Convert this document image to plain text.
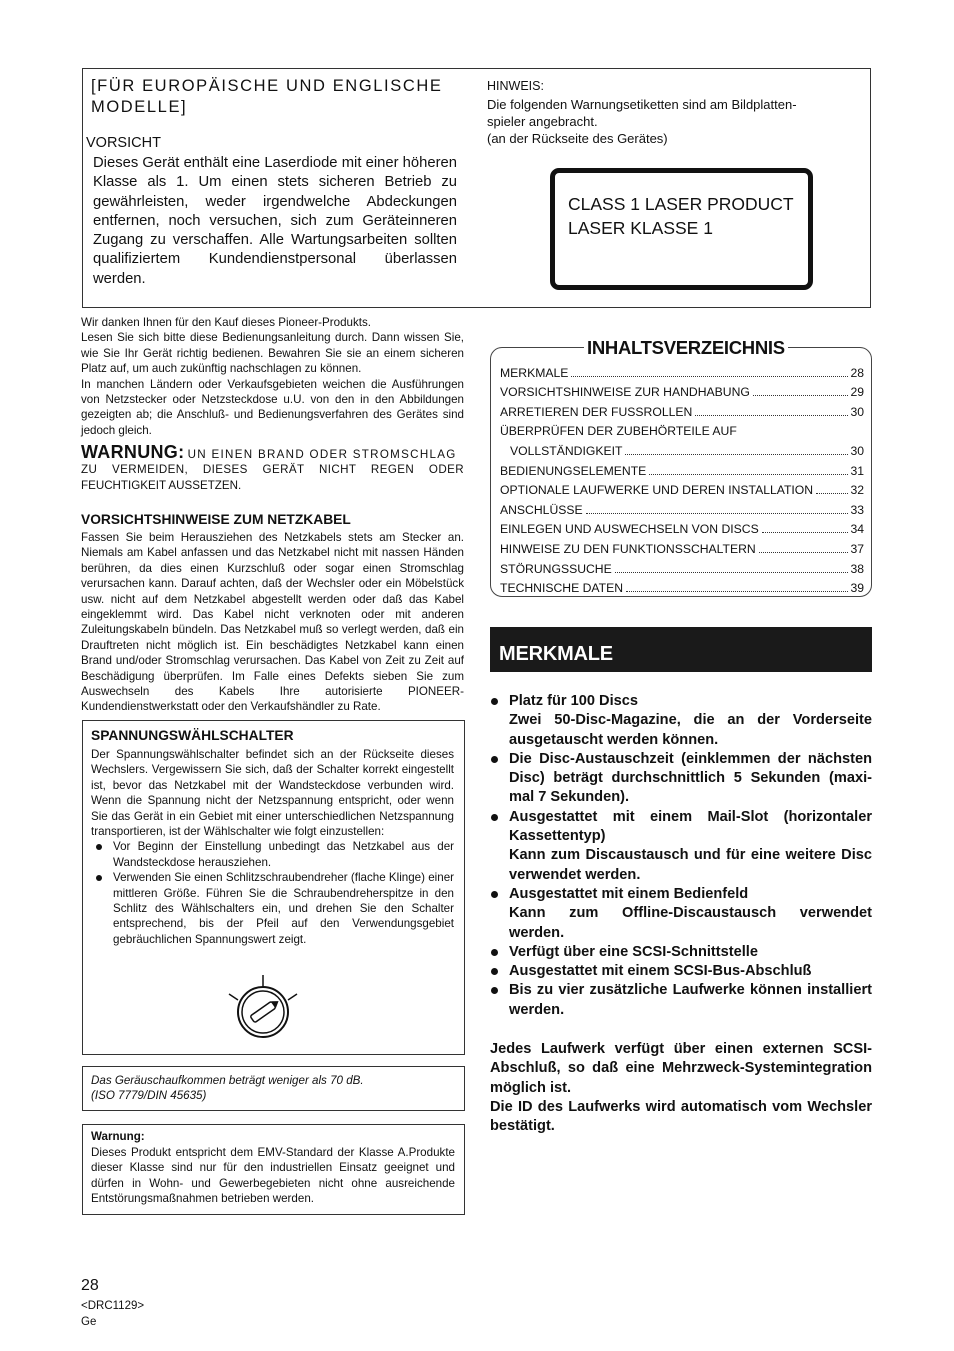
[FÜR EUROPÄISCHE UND ENGLISCHE MODELLE]
VORSICHT
Dieses Gerät enthält eine Laserdiode mit einer höheren Klasse als 1. Um einen stets sicheren Betrieb zu gewährleisten, weder irgendwelche Abdeckungen entfernen, noch versuchen, sich zum Geräteinneren Zugang zu verschaffen. Alle Wartungsarbeiten sollten qualifiziertem Kundendienstpersonal überlassen werden.
HINWEIS:
Die folgenden Warnungsetiketten sind am Bildplatten-
spieler angebracht.
(an der Rückseite des Gerätes)
CLASS 1 LASER PRODUCT
LASER KLASSE 1
Wir danken Ihnen für den Kauf dieses Pioneer-Produkts.
Lesen Sie sich bitte diese Bedienungsanleitung durch. Dann wissen Sie, wie Sie Ihr Gerät richtig bedienen. Bewahren Sie sie an einem sicheren Platz auf, um auch zukünftig nachschlagen zu können.
In manchen Ländern oder Verkaufsgebieten weichen die Ausführungen von Netzstecker oder Netzsteckdose u.U. von den in den Abbildungen gezeigten ab; die Anschluß- und Bedienungsverfahren des Gerätes sind jedoch gleich.
WARNUNG: UN EINEN BRAND ODER STROMSCHLAG
ZU VERMEIDEN, DIESES GERÄT NICHT REGEN ODER
FEUCHTIGKEIT AUSSETZEN.
VORSICHTSHINWEISE ZUM NETZKABEL
Fassen Sie beim Herausziehen des Netzkabels stets am Stecker an. Niemals am Kabel anfassen und das Netzkabel nicht mit nassen Händen berühren, da dies einen Kurzschluß oder sogar einen Stromschlag verursachen kann. Darauf achten, daß der Wechsler oder ein Möbelstück usw. nicht auf dem Netzkabel abgestellt werden oder daß das Kabel eingeklemmt wird. Das Kabel nicht verknoten oder mit anderen Zuleitungskabeln bündeln. Das Netzkabel muß so verlegt werden, daß ein Drauftreten nicht möglich ist. Ein beschädigtes Netzkabel kann einen Brand und/oder Stromschlag verursachen. Das Kabel von Zeit zu Zeit auf Beschädigung überprüfen. Im Falle eines Defekts sieben Sie zum Auswechseln des Kabels Ihre autorisierte PIONEER-Kundendienstwerkstatt oder den Verkaufshändler zu Rate.
SPANNUNGSWÄHLSCHALTER
Der Spannungswählschalter befindet sich an der Rückseite dieses Wechslers. Vergewissern Sie sich, daß der Schalter korrekt eingestellt ist, bevor das Netzkabel mit der Wandsteckdose verbunden wird. Wenn die Spannung nicht der Netzspannung entspricht, oder wenn Sie das Gerät in ein Gebiet mit einer unterschiedlichen Netzspannung transportieren, ist der Wählschalter wie folgt einzustellen:
Vor Beginn der Einstellung unbedingt das Netzkabel aus der Wandsteckdose herausziehen.
Verwenden Sie einen Schlitzschraubendreher (flache Klinge) einer mittleren Größe. Führen Sie die Schraubendreherspitze in den Schlitz des Wählschalters ein, und drehen Sie den Schalter entsprechend, bis der Pfeil auf den Verwendungsgebiet gebräuchlichen Spannungswert zeigt.
Das Geräuschaufkommen beträgt weniger als 70 dB.
(ISO 7779/DIN 45635)
Warnung:
Dieses Produkt entspricht dem EMV-Standard der Klasse A.Produkte dieser Klasse sind nur für den industriellen Einsatz geeignet und dürfen in Wohn- und Gewerbegebieten nicht ohne ausreichende Entstörungsmaßnahmen betrieben werden.
INHALTSVERZEICHNIS
MERKMALE	28
VORSICHTSHINWEISE ZUR HANDHABUNG	29
ARRETIEREN DER FUSSROLLEN	30
ÜBERPRÜFEN DER ZUBEHÖRTEILE AUF
VOLLSTÄNDIGKEIT	30
BEDIENUNGSELEMENTE	31
OPTIONALE LAUFWERKE UND DEREN INSTALLATION	32
ANSCHLÜSSE	33
EINLEGEN UND AUSWECHSELN VON DISCS	34
HINWEISE ZU DEN FUNKTIONSSCHALTERN	37
STÖRUNGSSUCHE	38
TECHNISCHE DATEN	39
MERKMALE
Platz für 100 Discs
Zwei 50-Disc-Magazine, die an der Vorderseite ausgetauscht werden können.
Die Disc-Austauschzeit (einklemmen der nächsten Disc) beträgt durchschnittlich 5 Sekunden (maxi-mal 7 Sekunden).
Ausgestattet mit einem Mail-Slot (horizontaler Kassettentyp)
Kann zum Discaustausch und für eine weitere Disc verwendet werden.
Ausgestattet mit einem Bedienfeld
Kann zum Offline-Discaustausch verwendet werden.
Verfügt über eine SCSI-Schnittstelle
Ausgestattet mit einem SCSI-Bus-Abschluß
Bis zu vier zusätzliche Laufwerke können installiert werden.
Jedes Laufwerk verfügt über einen externen SCSI-Abschluß, so daß eine Mehrzweck-Systemintegration möglich ist.
Die ID des Laufwerks wird automatisch vom Wechsler bestätigt.
28
<DRC1129>
Ge
